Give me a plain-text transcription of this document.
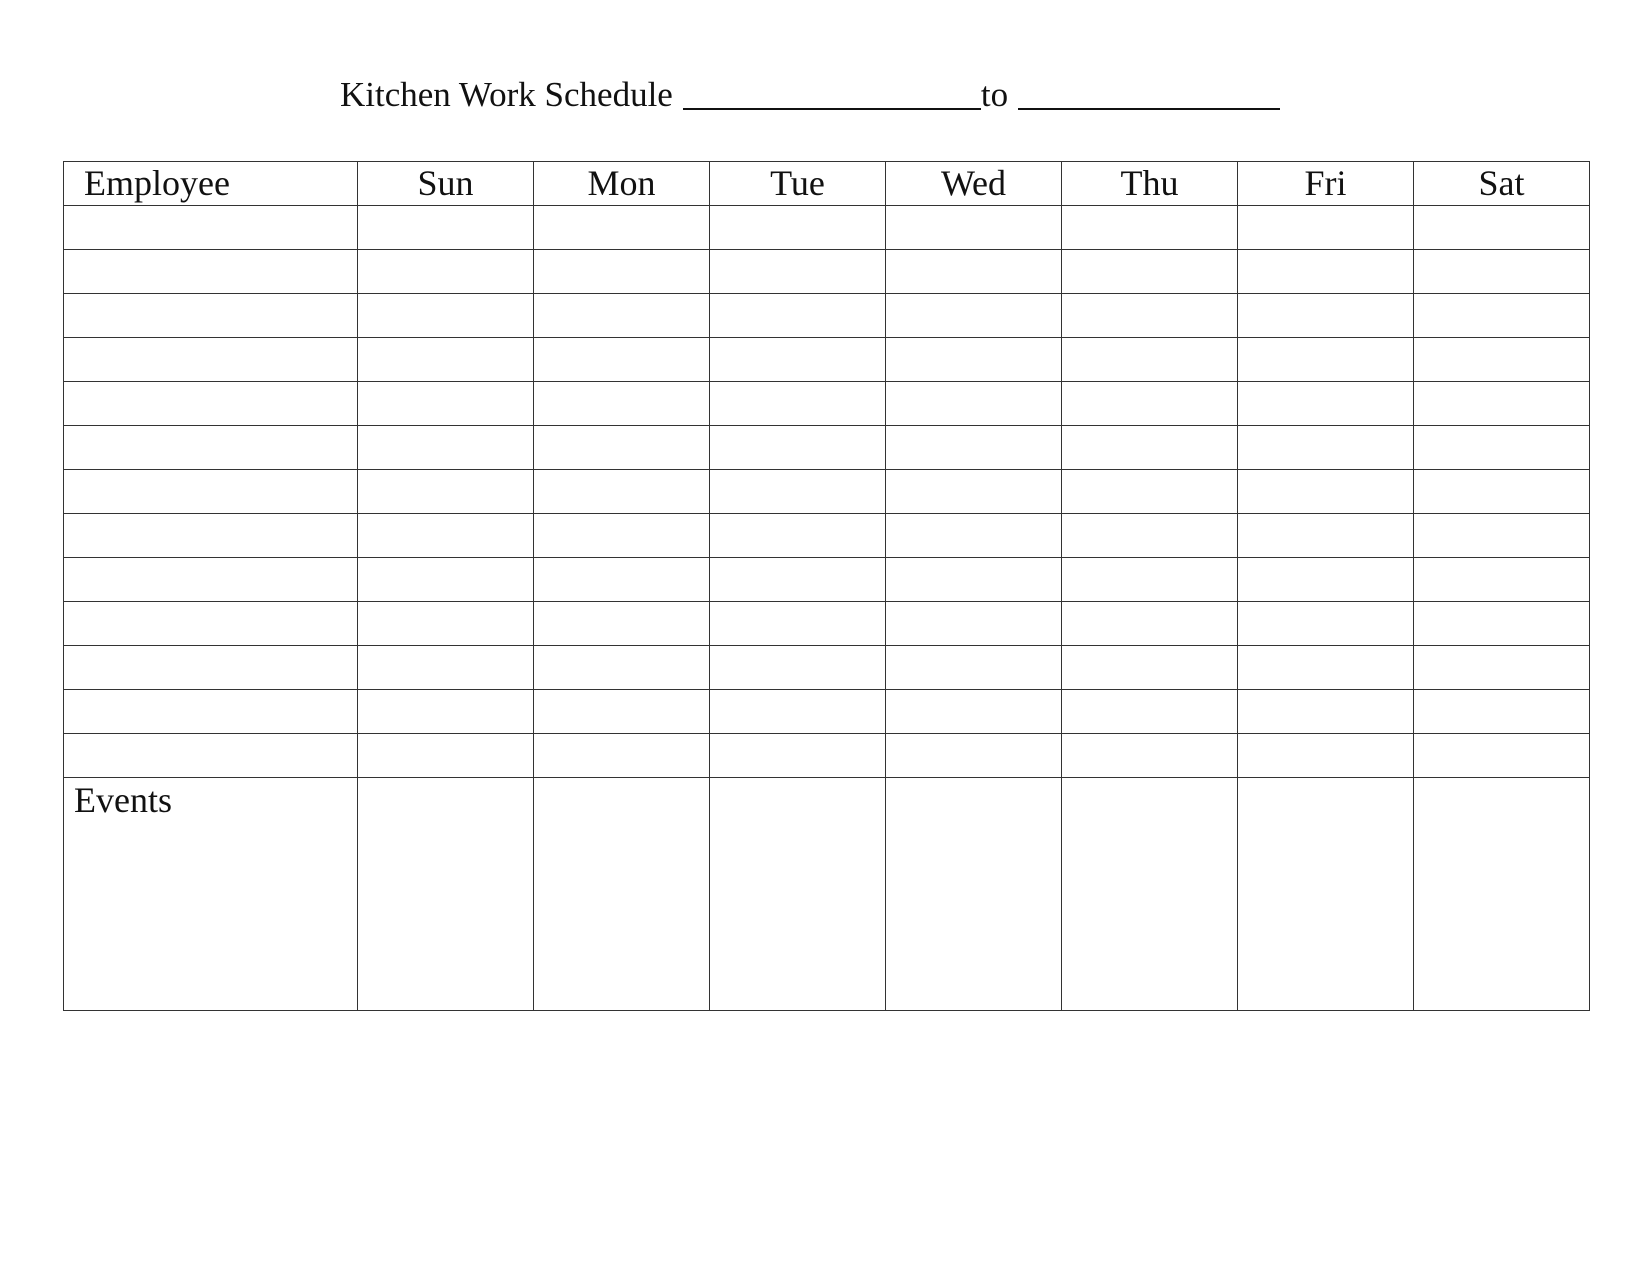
Kitchen Work Schedule	to
Employee	Sun	Mon	Tue	Wed	Thu	Fri	Sat

Events							
